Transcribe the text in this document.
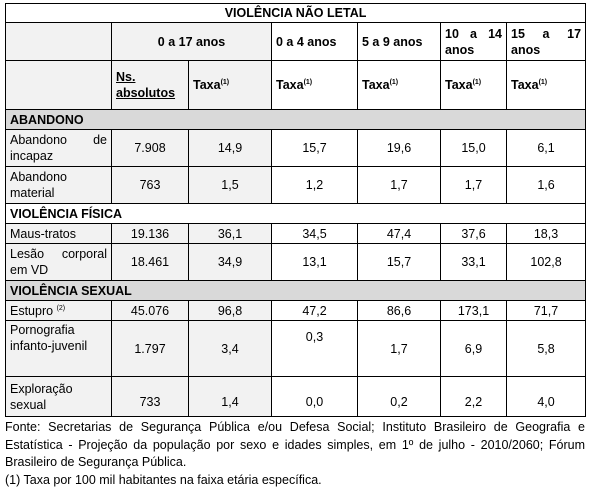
VIOLÊNCIA NÃO LETAL						
	0 a 17 anos		0 a 4 anos	5 a 9 anos	10 a 14
anos	15 a 17
anos
	Ns. absolutos	Taxa$^{(1)}$	Taxa$^{(1)}$	Taxa$^{(1)}$	Taxa$^{(1)}$	Taxa$^{(1)}$
ABANDONO						

Abandono de
incapaz	7.908	14,9	15,7	19,6	15,0	6,1
Abandono material	763	1,5	1,2	1,7	1,7	1,6
VIOLÊNCIA FÍSICA						
Maus-tratos	19.136	36,1	34,5	47,4	37,6	18,3

Lesão corporal
em VD	18.461	34,9	13,1	15,7	33,1	102,8
VIOLÊNCIA SEXUAL						
Estupro $^{(2)}$	45.076	96,8	47,2	86,6	173,1	71,7
Pornografia infanto-juvenil	1.797	3,4	0,3	1,7	6,9	5,8
Exploração sexual	733	1,4	0,0	0,2	2,2	4,0

Fonte: Secretarias de Segurança Pública e/ou Defesa Social; Instituto Brasileiro de Geografia e Estatística - Projeção da população por sexo e idades simples, em 1º de julho - 2010/2060; Fórum Brasileiro de Segurança Pública.

(1) Taxa por 100 mil habitantes na faixa etária específica.
